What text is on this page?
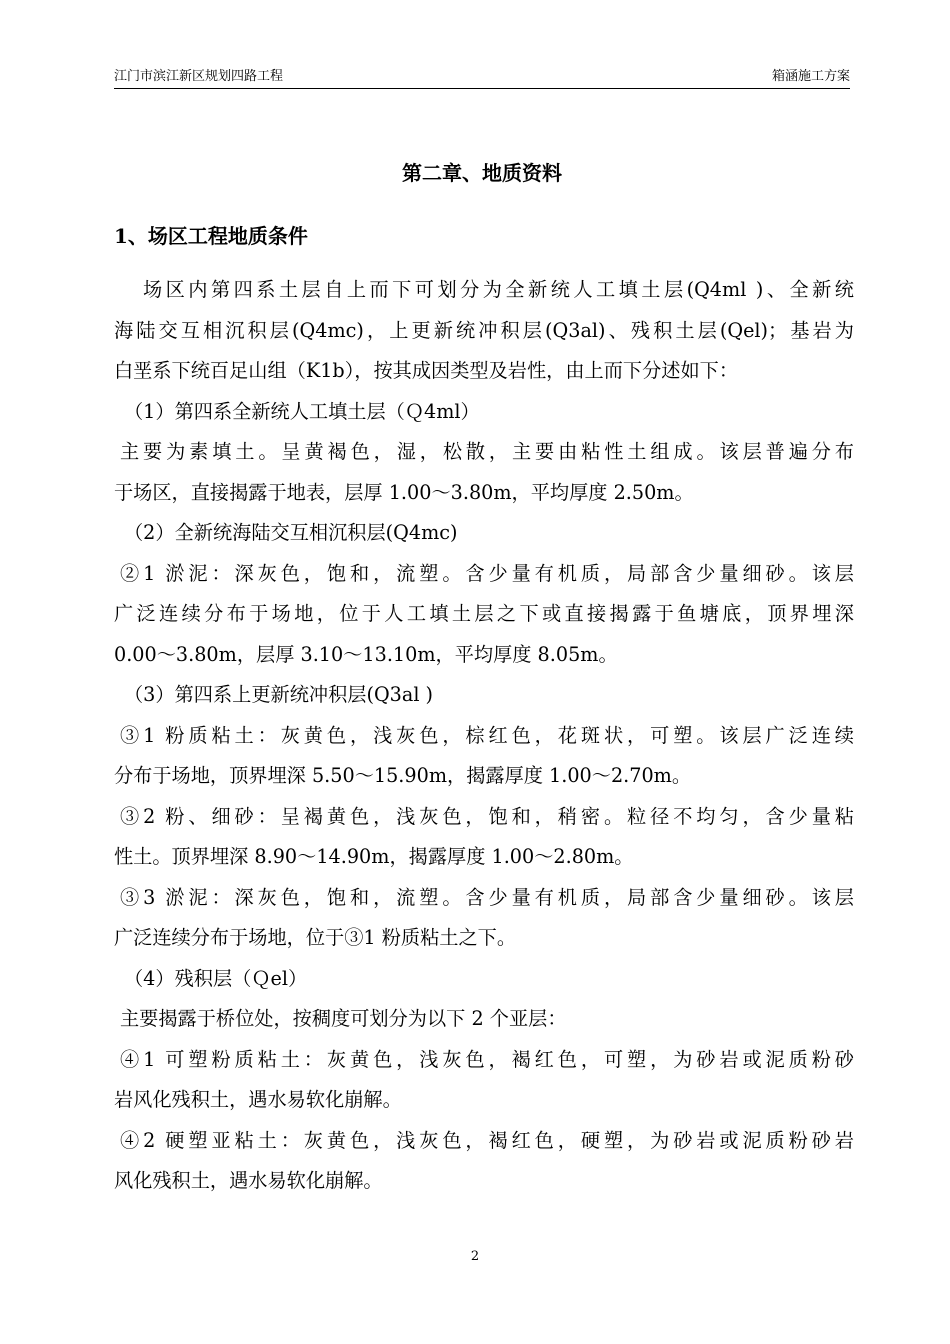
江门市滨江新区规划四路工程	箱涵施工方案
第二章、地质资料
1、场区工程地质条件
场区内第四系土层自上而下可划分为全新统人工填土层(Q4ml )、全新统
海陆交互相沉积层(Q4mc)，上更新统冲积层(Q3al)、残积土层(Qel)；基岩为
白垩系下统百足山组（K1b），按其成因类型及岩性，由上而下分述如下：
（1）第四系全新统人工填土层（Ｑ4ml）
主要为素填土。呈黄褐色，湿，松散，主要由粘性土组成。该层普遍分布
于场区，直接揭露于地表，层厚 1.00～3.80m，平均厚度 2.50m。
（2）全新统海陆交互相沉积层(Q4mc)
②1 淤泥：深灰色，饱和，流塑。含少量有机质，局部含少量细砂。该层
广泛连续分布于场地，位于人工填土层之下或直接揭露于鱼塘底，顶界埋深
0.00～3.80m，层厚 3.10～13.10m，平均厚度 8.05m。
（3）第四系上更新统冲积层(Q3al )
③1 粉质粘土：灰黄色，浅灰色，棕红色，花斑状，可塑。该层广泛连续
分布于场地，顶界埋深 5.50～15.90m，揭露厚度 1.00～2.70m。
③2 粉、细砂：呈褐黄色，浅灰色，饱和，稍密。粒径不均匀，含少量粘
性土。顶界埋深 8.90～14.90m，揭露厚度 1.00～2.80m。
③3 淤泥：深灰色，饱和，流塑。含少量有机质，局部含少量细砂。该层
广泛连续分布于场地，位于③1 粉质粘土之下。
（4）残积层（Ｑel）
主要揭露于桥位处，按稠度可划分为以下 2 个亚层：
④1 可塑粉质粘土：灰黄色，浅灰色，褐红色，可塑，为砂岩或泥质粉砂
岩风化残积土，遇水易软化崩解。
④2 硬塑亚粘土：灰黄色，浅灰色，褐红色，硬塑，为砂岩或泥质粉砂岩
风化残积土，遇水易软化崩解。
2
